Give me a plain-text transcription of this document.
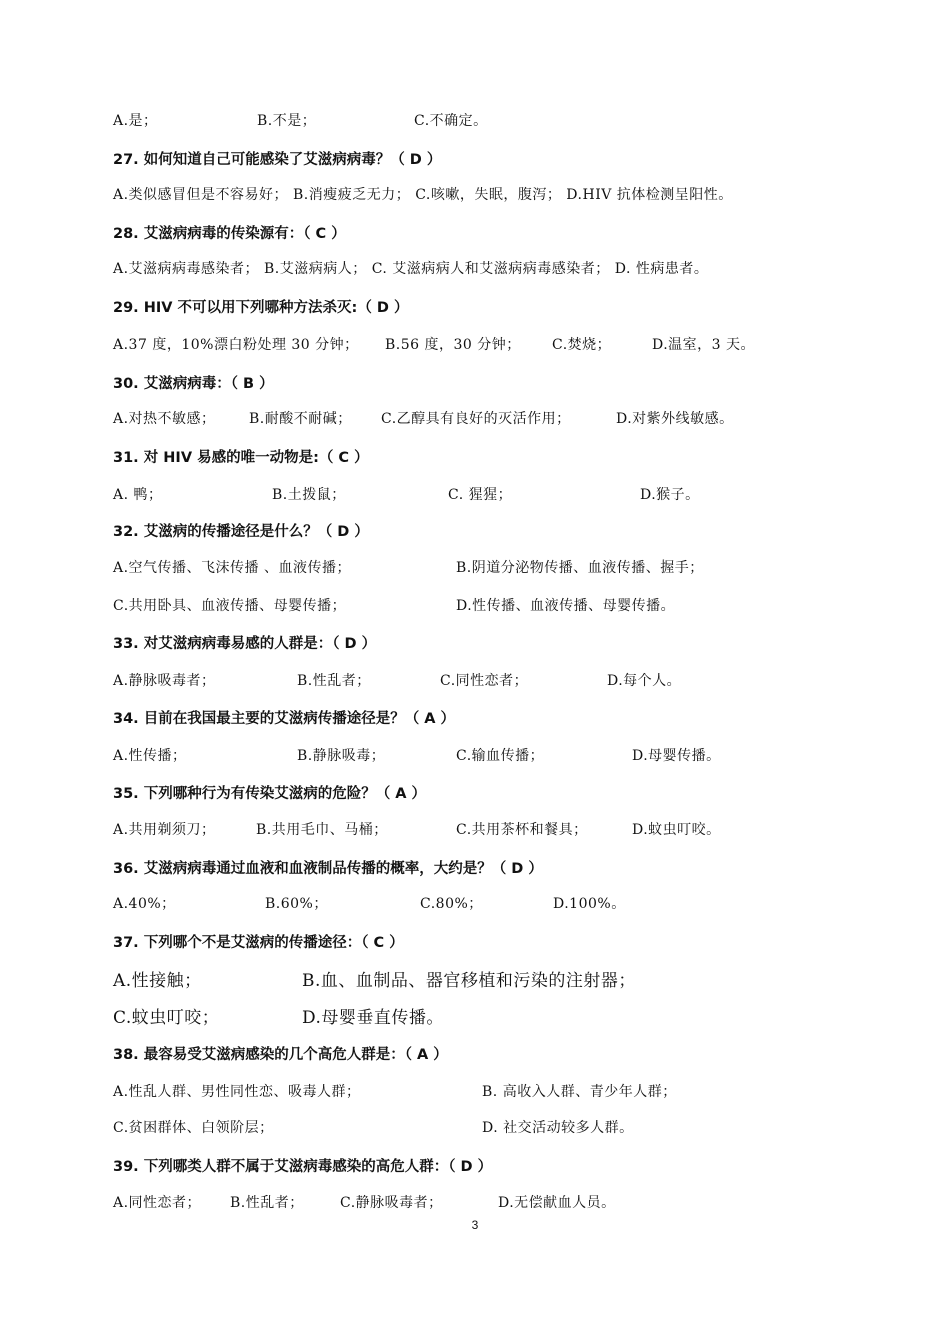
A.是；	B.不是；	C.不确定。
27. 如何知道自己可能感染了艾滋病病毒？（ D ）
A.类似感冒但是不容易好； B.消瘦疲乏无力； C.咳嗽，失眠，腹泻； D.HIV 抗体检测呈阳性。
28. 艾滋病病毒的传染源有：（ C ）
A.艾滋病病毒感染者； B.艾滋病病人； C. 艾滋病病人和艾滋病病毒感染者； D. 性病患者。
29. HIV 不可以用下列哪种方法杀灭:（ D ）
A.37 度，10%漂白粉处理 30 分钟； B.56 度，30 分钟； C.焚烧；	D.温室，3 天。
30. 艾滋病病毒：（ B ）
A.对热不敏感； B.耐酸不耐碱； C.乙醇具有良好的灭活作用；	D.对紫外线敏感。
31. 对 HIV 易感的唯一动物是:（ C ）
A. 鸭；	B.土拨鼠；	C. 猩猩；	D.猴子。
32. 艾滋病的传播途径是什么？（ D ）
A.空气传播、飞沫传播 、血液传播；	B.阴道分泌物传播、血液传播、握手；
C.共用卧具、血液传播、母婴传播；	D.性传播、血液传播、母婴传播。
33. 对艾滋病病毒易感的人群是：（ D ）
A.静脉吸毒者；	B.性乱者；	C.同性恋者；	D.每个人。
34. 目前在我国最主要的艾滋病传播途径是？（ A ）
A.性传播；	B.静脉吸毒；	C.输血传播；	D.母婴传播。
35. 下列哪种行为有传染艾滋病的危险？（ A ）
A.共用剃须刀；	B.共用毛巾、马桶；	C.共用茶杯和餐具；	D.蚊虫叮咬。
36. 艾滋病病毒通过血液和血液制品传播的概率，大约是？（ D ）
A.40%；	B.60%；	C.80%；	D.100%。
37. 下列哪个不是艾滋病的传播途径：（ C ）
A.性接触；	B.血、血制品、器官移植和污染的注射器；
C.蚊虫叮咬；	D.母婴垂直传播。
38. 最容易受艾滋病感染的几个高危人群是：（ A ）
A.性乱人群、男性同性恋、吸毒人群；	B. 高收入人群、青少年人群；
C.贫困群体、白领阶层；	D. 社交活动较多人群。
39. 下列哪类人群不属于艾滋病毒感染的高危人群：（ D ）
A.同性恋者； B.性乱者；	C.静脉吸毒者；	D.无偿献血人员。
3
